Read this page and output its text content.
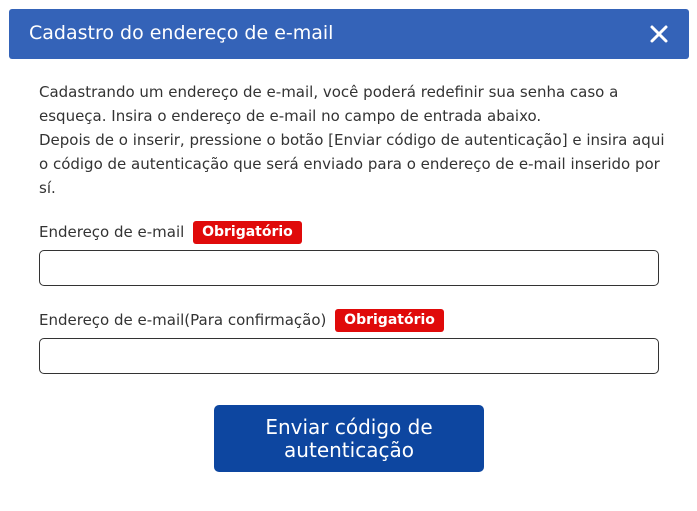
Cadastro do endereço de e-mail

Cadastrando um endereço de e-mail, você poderá redefinir sua senha caso a esqueça. Insira o endereço de e-mail no campo de entrada abaixo.

Depois de o inserir, pressione o botão [Enviar código de autenticação] e insira aqui o código de autenticação que será enviado para o endereço de e-mail inserido por sí.

Endereço de e-mail Obrigatório
Endereço de e-mail(Para confirmação) Obrigatório
Enviar código de autenticação
